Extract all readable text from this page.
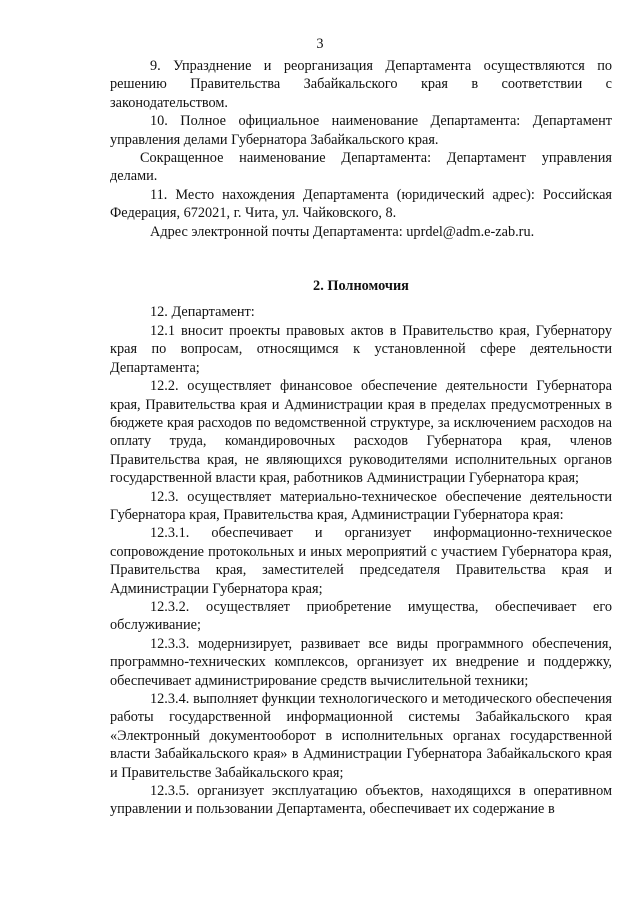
3

9. Упразднение и реорганизация Департамента осуществляются по решению Правительства Забайкальского края в соответствии с законодательством.

10. Полное официальное наименование Департамента: Департамент управления делами Губернатора Забайкальского края.

Сокращенное наименование Департамента: Департамент управления делами.

11. Место нахождения Департамента (юридический адрес): Российская Федерация, 672021, г. Чита, ул. Чайковского, 8.

Адрес электронной почты Департамента: uprdel@adm.e-zab.ru.

2. Полномочия

12. Департамент:

12.1 вносит проекты правовых актов в Правительство края, Губернатору края по вопросам, относящимся к установленной сфере деятельности Департамента;

12.2. осуществляет финансовое обеспечение деятельности Губернатора края, Правительства края и Администрации края в пределах предусмотренных в бюджете края расходов по ведомственной структуре, за исключением расходов на оплату труда, командировочных расходов Губернатора края, членов Правительства края, не являющихся руководителями исполнительных органов государственной власти края, работников Администрации Губернатора края;

12.3. осуществляет материально-техническое обеспечение деятельности Губернатора края, Правительства края, Администрации Губернатора края:

12.3.1. обеспечивает и организует информационно-техническое сопровождение протокольных и иных мероприятий с участием Губернатора края, Правительства края, заместителей председателя Правительства края и Администрации Губернатора края;

12.3.2. осуществляет приобретение имущества, обеспечивает его обслуживание;

12.3.3. модернизирует, развивает все виды программного обеспечения, программно-технических комплексов, организует их внедрение и поддержку, обеспечивает администрирование средств вычислительной техники;

12.3.4. выполняет функции технологического и методического обеспечения работы государственной информационной системы Забайкальского края «Электронный документооборот в исполнительных органах государственной власти Забайкальского края» в Администрации Губернатора Забайкальского края и Правительстве Забайкальского края;

12.3.5. организует эксплуатацию объектов, находящихся в оперативном управлении и пользовании Департамента, обеспечивает их содержание в
